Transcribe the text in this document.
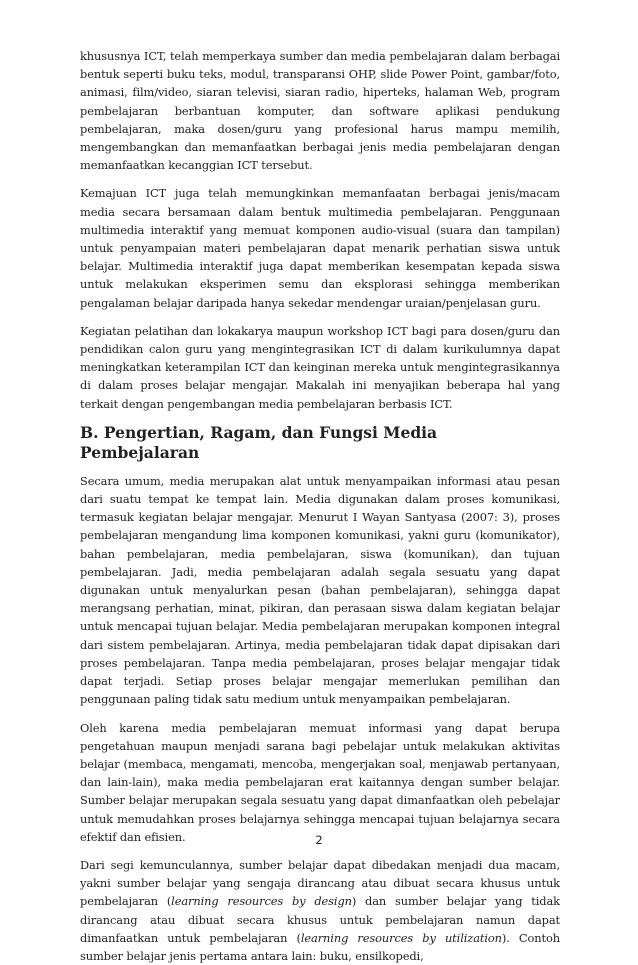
khususnya ICT, telah memperkaya sumber dan media pembelajaran dalam berbagai bentuk seperti buku teks, modul, transparansi OHP, slide Power Point, gambar/foto, animasi, film/video, siaran televisi, siaran radio, hiperteks, halaman Web, program pembelajaran berbantuan komputer, dan software aplikasi pendukung pembelajaran, maka dosen/guru yang profesional harus mampu memilih, mengembangkan dan memanfaatkan berbagai jenis media pembelajaran dengan memanfaatkan kecanggian ICT tersebut.

Kemajuan ICT juga telah memungkinkan memanfaatan berbagai jenis/macam media secara bersamaan dalam bentuk multimedia pembelajaran. Penggunaan multimedia interaktif yang memuat komponen audio-visual (suara dan tampilan) untuk penyampaian materi pembelajaran dapat menarik perhatian siswa untuk belajar. Multimedia interaktif juga dapat memberikan kesempatan kepada siswa untuk melakukan eksperimen semu dan eksplorasi sehingga memberikan pengalaman belajar daripada hanya sekedar mendengar uraian/penjelasan guru.

Kegiatan pelatihan dan lokakarya maupun workshop ICT bagi para dosen/guru dan pendidikan calon guru yang mengintegrasikan ICT di dalam kurikulumnya dapat meningkatkan keterampilan ICT dan keinginan mereka untuk mengintegrasikannya di dalam proses belajar mengajar. Makalah ini menyajikan beberapa hal yang terkait dengan pengembangan media pembelajaran berbasis ICT.

B. Pengertian, Ragam, dan Fungsi Media Pembejalaran

Secara umum, media merupakan alat untuk menyampaikan informasi atau pesan dari suatu tempat ke tempat lain. Media digunakan dalam proses komunikasi, termasuk kegiatan belajar mengajar. Menurut I Wayan Santyasa (2007: 3), proses pembelajaran mengandung lima komponen komunikasi, yakni guru (komunikator), bahan pembelajaran, media pembelajaran, siswa (komunikan), dan tujuan pembelajaran. Jadi, media pembelajaran adalah segala sesuatu yang dapat digunakan untuk menyalurkan pesan (bahan pembelajaran), sehingga dapat merangsang perhatian, minat, pikiran, dan perasaan siswa dalam kegiatan belajar untuk mencapai tujuan belajar. Media pembelajaran merupakan komponen integral dari sistem pembelajaran. Artinya, media pembelajaran tidak dapat dipisakan dari proses pembelajaran. Tanpa media pembelajaran, proses belajar mengajar tidak dapat terjadi. Setiap proses belajar mengajar memerlukan pemilihan dan penggunaan paling tidak satu medium untuk menyampaikan pembelajaran.

Oleh karena media pembelajaran memuat informasi yang dapat berupa pengetahuan maupun menjadi sarana bagi pebelajar untuk melakukan aktivitas belajar (membaca, mengamati, mencoba, mengerjakan soal, menjawab pertanyaan, dan lain-lain), maka media pembelajaran erat kaitannya dengan sumber belajar. Sumber belajar merupakan segala sesuatu yang dapat dimanfaatkan oleh pebelajar untuk memudahkan proses belajarnya sehingga mencapai tujuan belajarnya secara efektif dan efisien.

Dari segi kemunculannya, sumber belajar dapat dibedakan menjadi dua macam, yakni sumber belajar yang sengaja dirancang atau dibuat secara khusus untuk pembelajaran (learning resources by design) dan sumber belajar yang tidak dirancang atau dibuat secara khusus untuk pembelajaran namun dapat dimanfaatkan untuk pembelajaran (learning resources by utilization). Contoh sumber belajar jenis pertama antara lain: buku, ensilkopedi,

2
